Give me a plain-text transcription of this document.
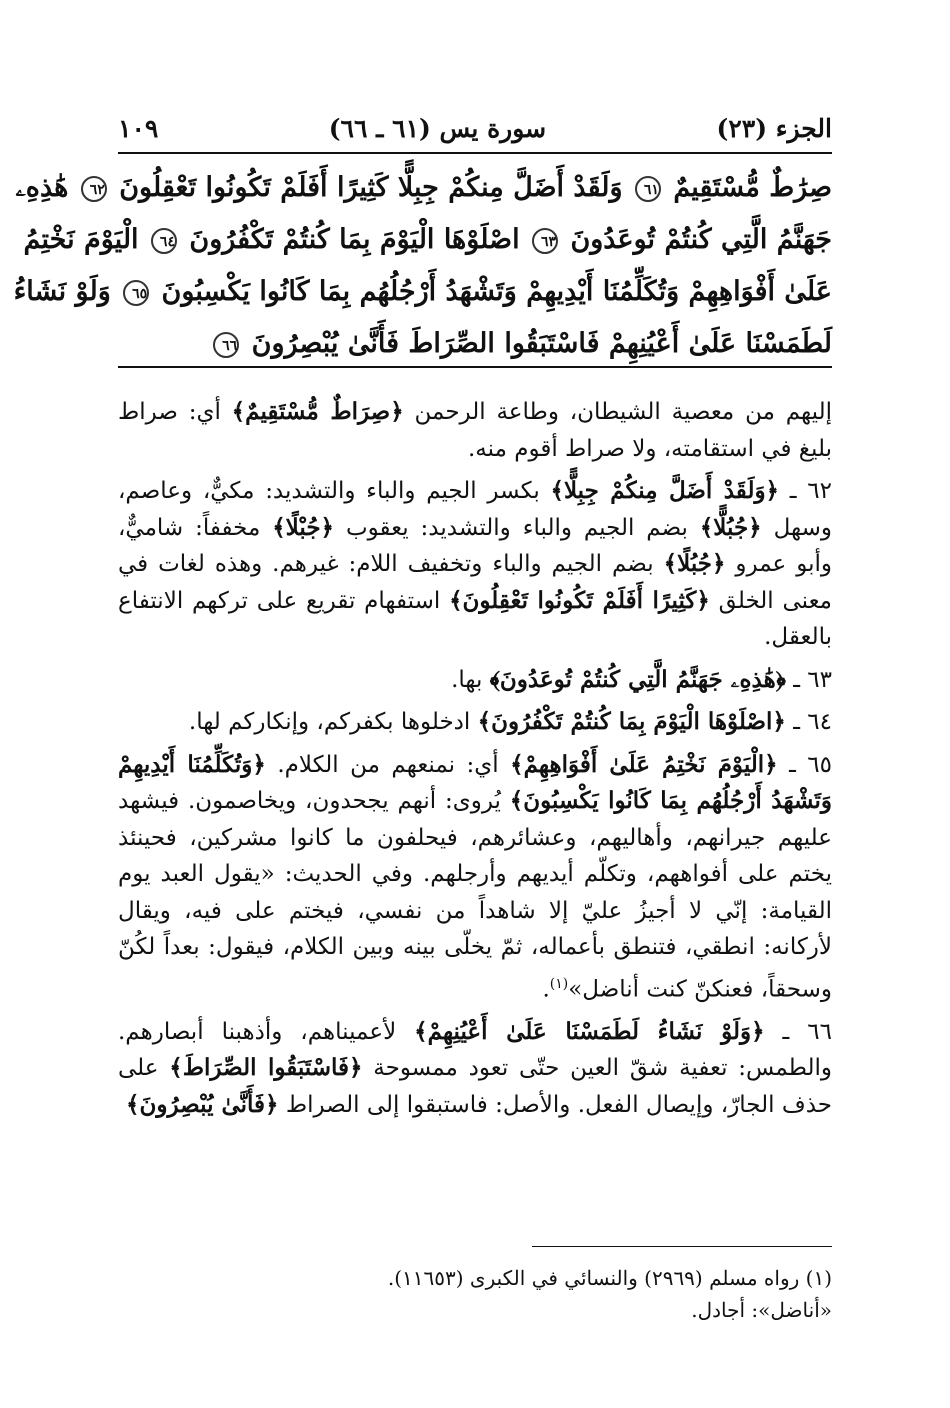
الجزء (٢٣)
سورة يس (٦١ ـ ٦٦)
١٠٩
صِرَٰطٌ مُّسْتَقِيمٌ ٦١ وَلَقَدْ أَضَلَّ مِنكُمْ جِبِلًّا كَثِيرًا أَفَلَمْ تَكُونُوا تَعْقِلُونَ ٦٢ هَٰذِهِۦ
جَهَنَّمُ الَّتِي كُنتُمْ تُوعَدُونَ ٦٣ اصْلَوْهَا الْيَوْمَ بِمَا كُنتُمْ تَكْفُرُونَ ٦٤ الْيَوْمَ نَخْتِمُ
عَلَىٰ أَفْوَاهِهِمْ وَتُكَلِّمُنَا أَيْدِيهِمْ وَتَشْهَدُ أَرْجُلُهُم بِمَا كَانُوا يَكْسِبُونَ ٦٥ وَلَوْ نَشَاءُ
لَطَمَسْنَا عَلَىٰ أَعْيُنِهِمْ فَاسْتَبَقُوا الصِّرَاطَ فَأَنَّىٰ يُبْصِرُونَ ٦٦

إليهم من معصية الشيطان، وطاعة الرحمن ﴿صِرَاطٌ مُّسْتَقِيمٌ﴾ أي: صراط بليغ في استقامته، ولا صراط أقوم منه.

٦٢ ـ ﴿وَلَقَدْ أَضَلَّ مِنكُمْ جِبِلًّا﴾ بكسر الجيم والباء والتشديد: مكيٌّ، وعاصم، وسهل ﴿جُبُلًّا﴾ بضم الجيم والباء والتشديد: يعقوب ﴿جُبْلًا﴾ مخففاً: شاميٌّ، وأبو عمرو ﴿جُبُلًا﴾ بضم الجيم والباء وتخفيف اللام: غيرهم. وهذه لغات في معنى الخلق ﴿كَثِيرًا أَفَلَمْ تَكُونُوا تَعْقِلُونَ﴾ استفهام تقريع على تركهم الانتفاع بالعقل.

٦٣ ـ ﴿هَٰذِهِۦ جَهَنَّمُ الَّتِي كُنتُمْ تُوعَدُونَ﴾ بها.

٦٤ ـ ﴿اصْلَوْهَا الْيَوْمَ بِمَا كُنتُمْ تَكْفُرُونَ﴾ ادخلوها بكفركم، وإنكاركم لها.

٦٥ ـ ﴿الْيَوْمَ نَخْتِمُ عَلَىٰ أَفْوَاهِهِمْ﴾ أي: نمنعهم من الكلام. ﴿وَتُكَلِّمُنَا أَيْدِيهِمْ وَتَشْهَدُ أَرْجُلُهُم بِمَا كَانُوا يَكْسِبُونَ﴾ يُروى: أنهم يجحدون، ويخاصمون. فيشهد عليهم جيرانهم، وأهاليهم، وعشائرهم، فيحلفون ما كانوا مشركين، فحينئذ يختم على أفواههم، وتكلّم أيديهم وأرجلهم. وفي الحديث: «يقول العبد يوم القيامة: إنّي لا أجيزُ عليّ إلا شاهداً من نفسي، فيختم على فيه، ويقال لأركانه: انطقي، فتنطق بأعماله، ثمّ يخلّى بينه وبين الكلام، فيقول: بعداً لكُنّ وسحقاً، فعنكنّ كنت أناضل»$^{(١)}$.

٦٦ ـ ﴿وَلَوْ نَشَاءُ لَطَمَسْنَا عَلَىٰ أَعْيُنِهِمْ﴾ لأعميناهم، وأذهبنا أبصارهم. والطمس: تعفية شقّ العين حتّى تعود ممسوحة ﴿فَاسْتَبَقُوا الصِّرَاطَ﴾ على حذف الجارّ، وإيصال الفعل. والأصل: فاستبقوا إلى الصراط ﴿فَأَنَّىٰ يُبْصِرُونَ﴾

(١) رواه مسلم (٢٩٦٩) والنسائي في الكبرى (١١٦٥٣).
«أناضل»: أجادل.
